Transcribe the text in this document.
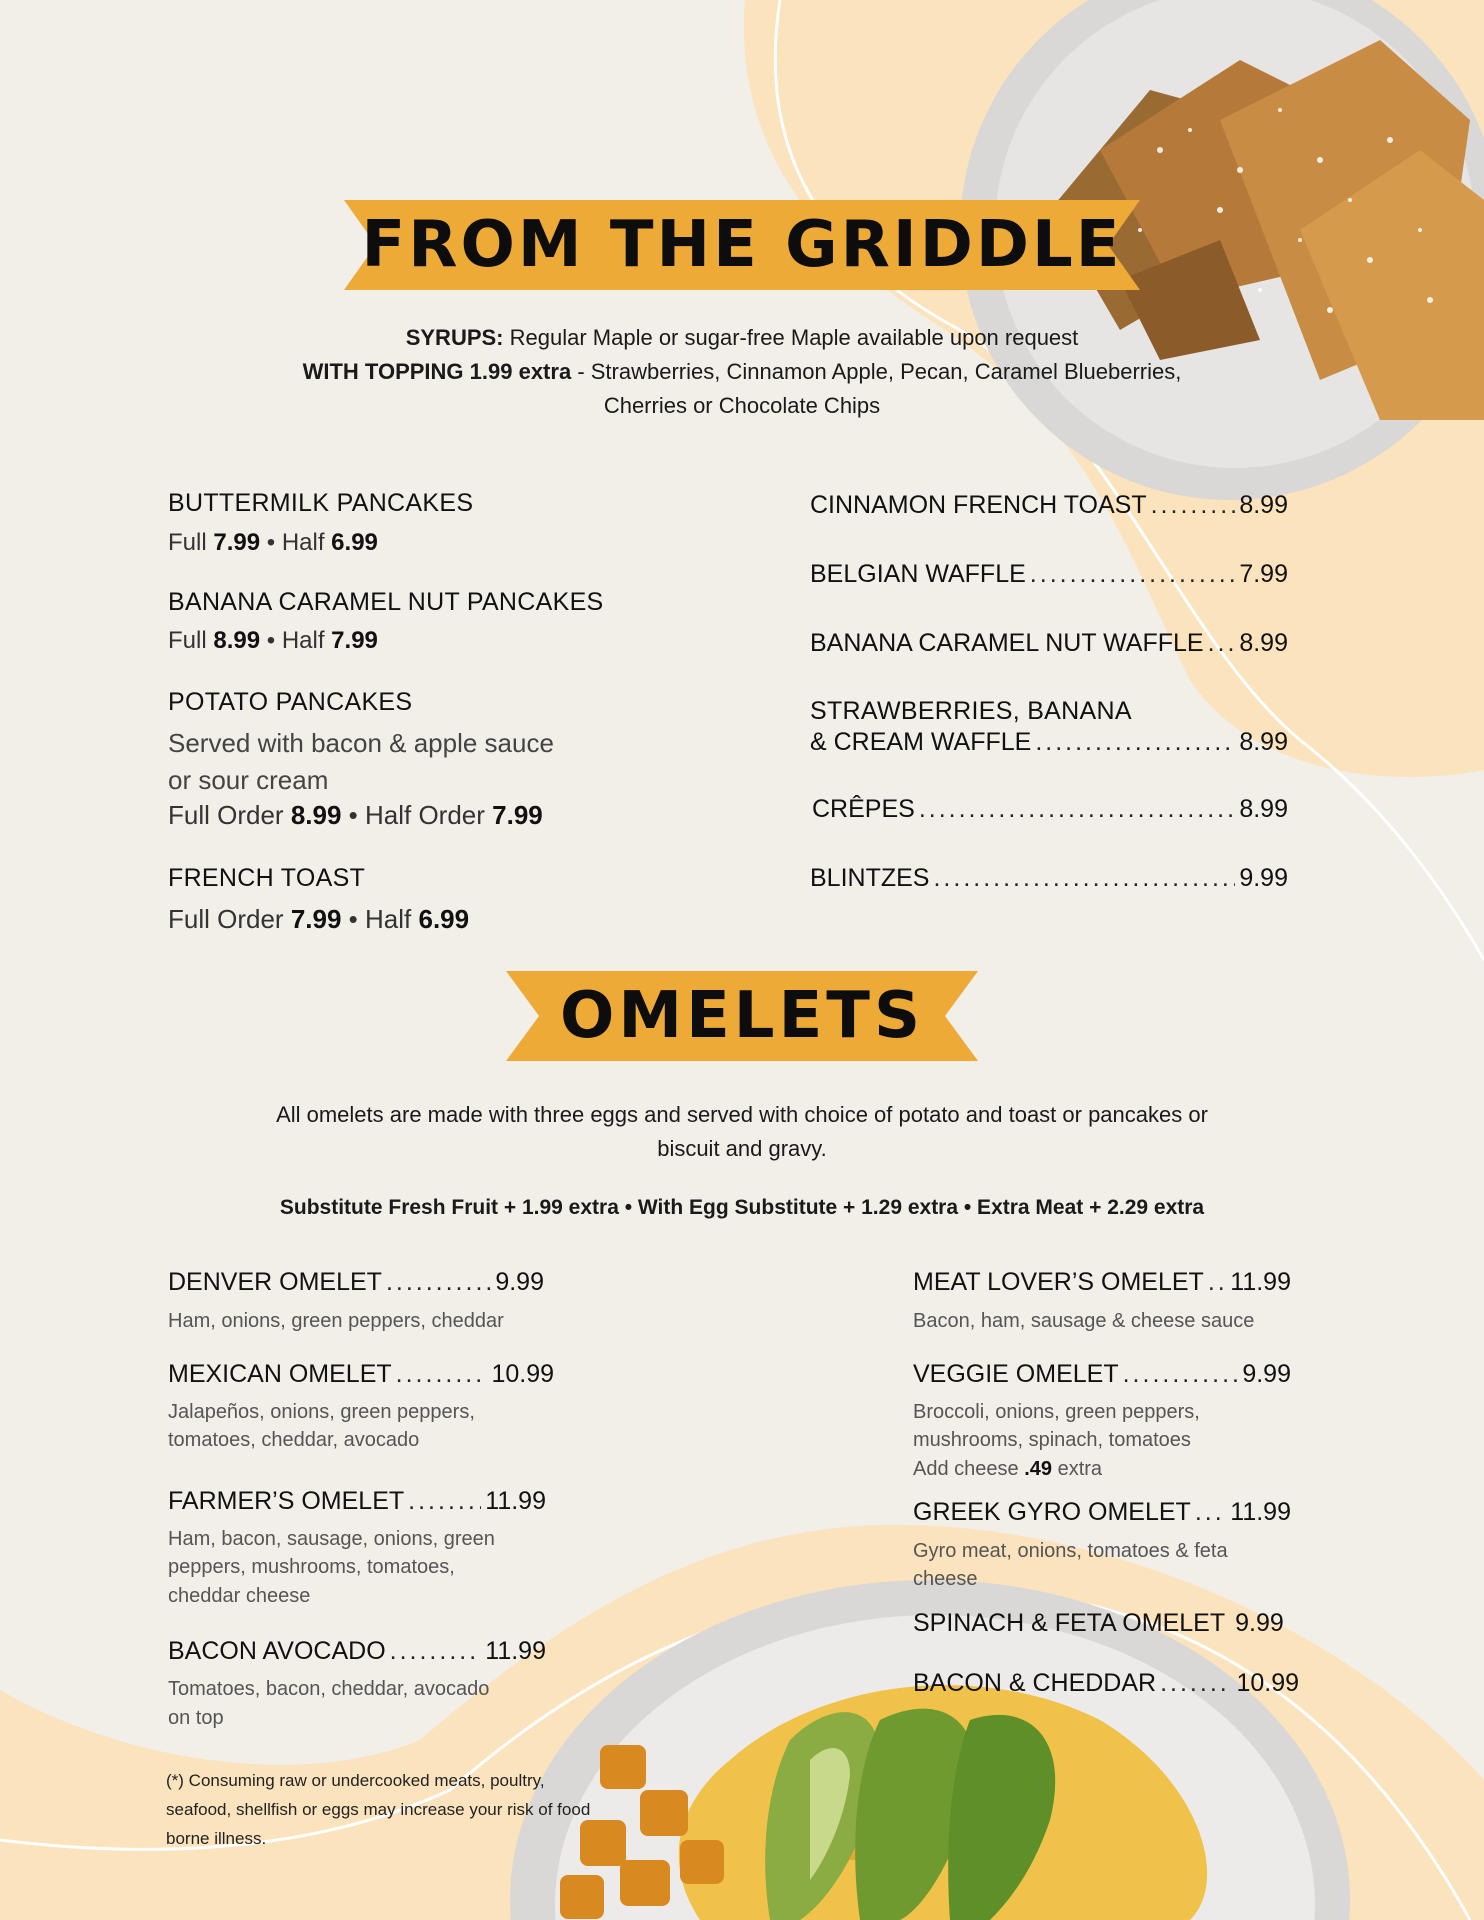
FROM THE GRIDDLE
SYRUPS: Regular Maple or sugar-free Maple available upon request
WITH TOPPING 1.99 extra - Strawberries, Cinnamon Apple, Pecan, Caramel Blueberries,
Cherries or Chocolate Chips
BUTTERMILK PANCAKES
Full 7.99 • Half 6.99
BANANA CARAMEL NUT PANCAKES
Full 8.99 • Half 7.99
POTATO PANCAKES
Served with bacon & apple sauce
or sour cream
Full Order 8.99 • Half Order 7.99
FRENCH TOAST
Full Order 7.99 • Half 6.99
CINNAMON FRENCH TOAST .....	8.99
BELGIAN WAFFLE .....	7.99
BANANA CARAMEL NUT WAFFLE ..... 8.99
STRAWBERRIES, BANANA
& CREAM WAFFLE .....	8.99
CRÊPES .....	8.99
BLINTZES .....	9.99
OMELETS
All omelets are made with three eggs and served with choice of potato and toast or pancakes or
biscuit and gravy.
Substitute Fresh Fruit + 1.99 extra • With Egg Substitute + 1.29 extra • Extra Meat + 2.29 extra
DENVER OMELET .....	9.99
Ham, onions, green peppers, cheddar
MEXICAN OMELET .....	10.99
Jalapeños, onions, green peppers,
tomatoes, cheddar, avocado
FARMER’S OMELET .....	11.99
Ham, bacon, sausage, onions, green
peppers, mushrooms, tomatoes,
cheddar cheese
BACON AVOCADO .....	11.99
Tomatoes, bacon, cheddar, avocado
on top
MEAT LOVER’S OMELET ..... 11.99
Bacon, ham, sausage & cheese sauce
VEGGIE OMELET .....	9.99
Broccoli, onions, green peppers,
mushrooms, spinach, tomatoes
Add cheese .49 extra
GREEK GYRO OMELET ..... 11.99
Gyro meat, onions, tomatoes & feta
cheese
SPINACH & FETA OMELET 9.99
BACON & CHEDDAR .....	10.99
(*) Consuming raw or undercooked meats, poultry,
seafood, shellfish or eggs may increase your risk of food
borne illness.
